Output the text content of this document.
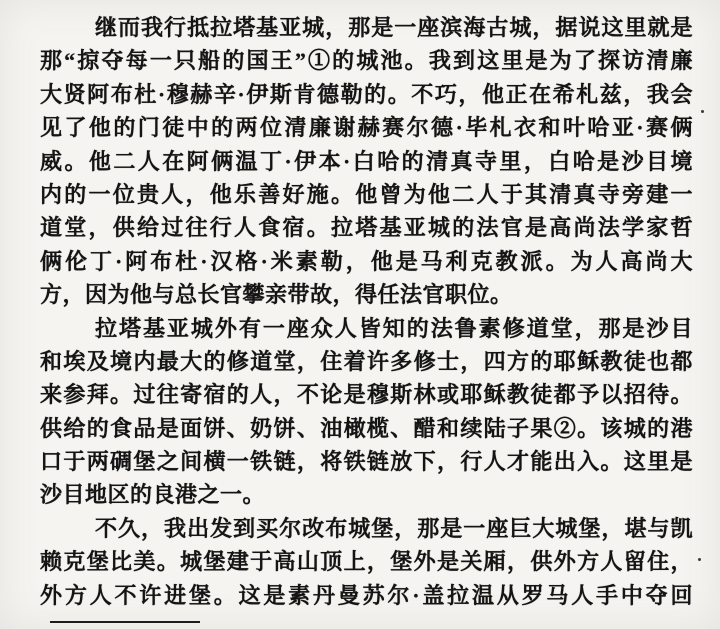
继而我行抵拉塔基亚城，那是一座滨海古城，据说这里就是
那“掠夺每一只船的国王”①的城池。我到这里是为了探访清廉
大贤阿布杜·穆赫辛·伊斯肯德勒的。不巧，他正在希札兹，我会
见了他的门徒中的两位清廉谢赫赛尔德·毕札衣和叶哈亚·赛俩
威。他二人在阿俩温丁·伊本·白哈的清真寺里，白哈是沙目境
内的一位贵人，他乐善好施。他曾为他二人于其清真寺旁建一
道堂，供给过往行人食宿。拉塔基亚城的法官是高尚法学家哲
俩伦丁·阿布杜·汉格·米素勒，他是马利克教派。为人高尚大
方，因为他与总长官攀亲带故，得任法官职位。
拉塔基亚城外有一座众人皆知的法鲁素修道堂，那是沙目
和埃及境内最大的修道堂，住着许多修士，四方的耶稣教徒也都
来参拜。过往寄宿的人，不论是穆斯林或耶稣教徒都予以招待。
供给的食品是面饼、奶饼、油橄榄、醋和续陆子果②。该城的港
口于两碉堡之间横一铁链，将铁链放下，行人才能出入。这里是
沙目地区的良港之一。
不久，我出发到买尔改布城堡，那是一座巨大城堡，堪与凯
赖克堡比美。城堡建于高山顶上，堡外是关厢，供外方人留住，
外方人不许进堡。这是素丹曼苏尔·盖拉温从罗马人手中夺回
